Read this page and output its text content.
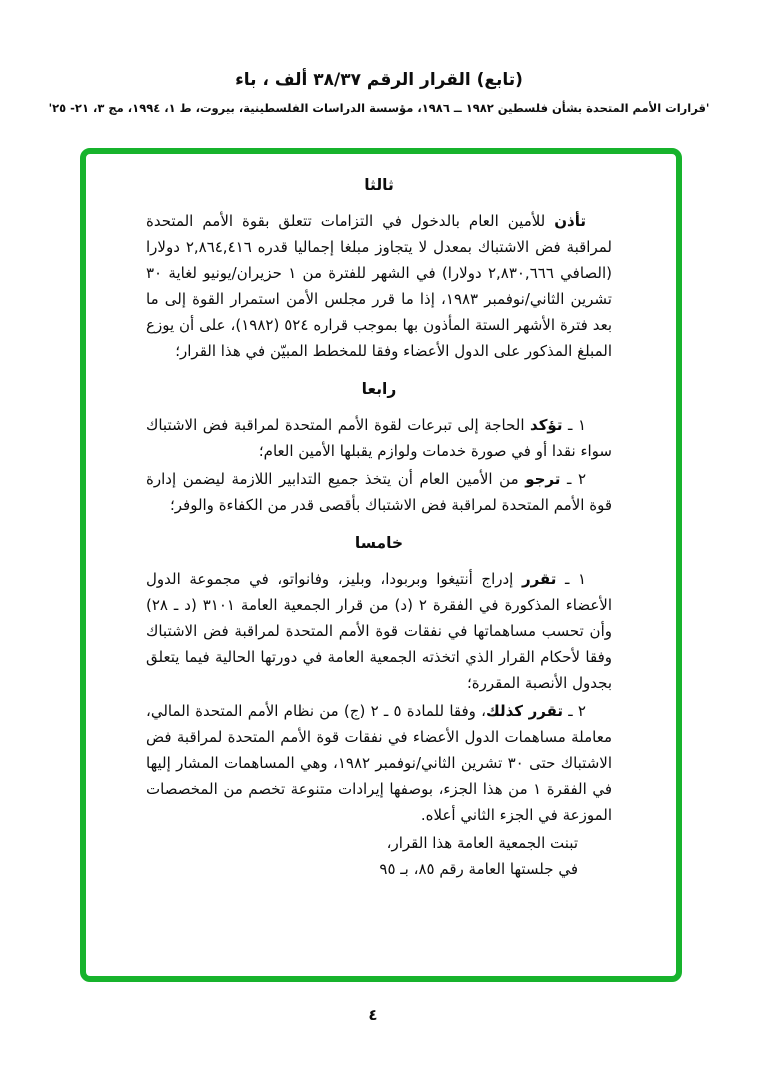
(تابع) القرار الرقم ٣٨/٣٧ ألف ، باء
'قرارات الأمم المتحدة بشأن فلسطين ١٩٨٢ ــ ١٩٨٦، مؤسسة الدراسات الفلسطينية، بيروت، ط ١، ١٩٩٤، مج ٣، ٢١- ٢٥'
ثالثا

تأذن للأمين العام بالدخول في التزامات تتعلق بقوة الأمم المتحدة لمراقبة فض الاشتباك بمعدل لا يتجاوز مبلغا إجماليا قدره ٢,٨٦٤,٤١٦ دولارا (الصافي ٢,٨٣٠,٦٦٦ دولارا) في الشهر للفترة من ١ حزيران/يونيو لغاية ٣٠ تشرين الثاني/نوفمبر ١٩٨٣، إذا ما قرر مجلس الأمن استمرار القوة إلى ما بعد فترة الأشهر الستة المأذون بها بموجب قراره ٥٢٤ (١٩٨٢)، على أن يوزع المبلغ المذكور على الدول الأعضاء وفقا للمخطط المبيّن في هذا القرار؛

رابعا

١ ـ تؤكد الحاجة إلى تبرعات لقوة الأمم المتحدة لمراقبة فض الاشتباك سواء نقدا أو في صورة خدمات ولوازم يقبلها الأمين العام؛

٢ ـ ترجو من الأمين العام أن يتخذ جميع التدابير اللازمة ليضمن إدارة قوة الأمم المتحدة لمراقبة فض الاشتباك بأقصى قدر من الكفاءة والوفر؛

خامسا

١ ـ تقرر إدراج أنتيغوا وبربودا، وبليز، وفانواتو، في مجموعة الدول الأعضاء المذكورة في الفقرة ٢ (د) من قرار الجمعية العامة ٣١٠١ (د ـ ٢٨) وأن تحسب مساهماتها في نفقات قوة الأمم المتحدة لمراقبة فض الاشتباك وفقا لأحكام القرار الذي اتخذته الجمعية العامة في دورتها الحالية فيما يتعلق بجدول الأنصبة المقررة؛

٢ ـ تقرر كذلك، وفقا للمادة ٥ ـ ٢ (ج) من نظام الأمم المتحدة المالي، معاملة مساهمات الدول الأعضاء في نفقات قوة الأمم المتحدة لمراقبة فض الاشتباك حتى ٣٠ تشرين الثاني/نوفمبر ١٩٨٢، وهي المساهمات المشار إليها في الفقرة ١ من هذا الجزء، بوصفها إيرادات متنوعة تخصم من المخصصات الموزعة في الجزء الثاني أعلاه.

تبنت الجمعية العامة هذا القرار،
في جلستها العامة رقم ٨٥، بـ ٩٥
٤
